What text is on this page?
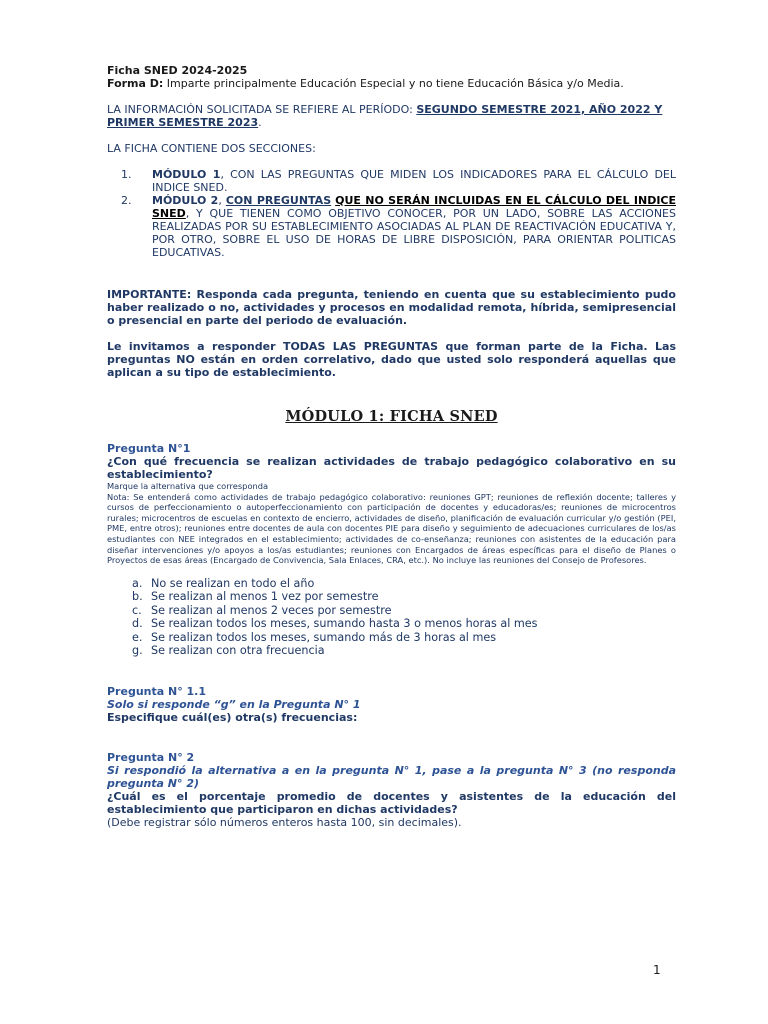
Ficha SNED 2024-2025

Forma D: Imparte principalmente Educación Especial y no tiene Educación Básica y/o Media.

LA INFORMACIÓN SOLICITADA SE REFIERE AL PERÍODO: SEGUNDO SEMESTRE 2021, AÑO 2022 Y PRIMER SEMESTRE 2023.

LA FICHA CONTIENE DOS SECCIONES:

1. MÓDULO 1, CON LAS PREGUNTAS QUE MIDEN LOS INDICADORES PARA EL CÁLCULO DEL INDICE SNED.
2. MÓDULO 2, CON PREGUNTAS QUE NO SERÁN INCLUIDAS EN EL CÁLCULO DEL INDICE SNED, Y QUE TIENEN COMO OBJETIVO CONOCER, POR UN LADO, SOBRE LAS ACCIONES REALIZADAS POR SU ESTABLECIMIENTO ASOCIADAS AL PLAN DE REACTIVACIÓN EDUCATIVA Y, POR OTRO, SOBRE EL USO DE HORAS DE LIBRE DISPOSICIÓN, PARA ORIENTAR POLITICAS EDUCATIVAS.

IMPORTANTE: Responda cada pregunta, teniendo en cuenta que su establecimiento pudo haber realizado o no, actividades y procesos en modalidad remota, híbrida, semipresencial o presencial en parte del periodo de evaluación.

Le invitamos a responder TODAS LAS PREGUNTAS que forman parte de la Ficha. Las preguntas NO están en orden correlativo, dado que usted solo responderá aquellas que aplican a su tipo de establecimiento.

MÓDULO 1: FICHA SNED

Pregunta N°1

¿Con qué frecuencia se realizan actividades de trabajo pedagógico colaborativo en su establecimiento?

Marque la alternativa que corresponda

Nota: Se entenderá como actividades de trabajo pedagógico colaborativo: reuniones GPT; reuniones de reflexión docente; talleres y cursos de perfeccionamiento o autoperfeccionamiento con participación de docentes y educadoras/es; reuniones de microcentros rurales; microcentros de escuelas en contexto de encierro, actividades de diseño, planificación de evaluación curricular y/o gestión (PEI, PME, entre otros); reuniones entre docentes de aula con docentes PIE para diseño y seguimiento de adecuaciones curriculares de los/as estudiantes con NEE integrados en el establecimiento; actividades de co-enseñanza; reuniones con asistentes de la educación para diseñar intervenciones y/o apoyos a los/as estudiantes; reuniones con Encargados de áreas específicas para el diseño de Planes o Proyectos de esas áreas (Encargado de Convivencia, Sala Enlaces, CRA, etc.). No incluye las reuniones del Consejo de Profesores.

a. No se realizan en todo el año
b. Se realizan al menos 1 vez por semestre
c. Se realizan al menos 2 veces por semestre
d. Se realizan todos los meses, sumando hasta 3 o menos horas al mes
e. Se realizan todos los meses, sumando más de 3 horas al mes
g. Se realizan con otra frecuencia

Pregunta N° 1.1

Solo si responde “g” en la Pregunta N° 1

Especifique cuál(es) otra(s) frecuencias:

Pregunta N° 2

Si respondió la alternativa a en la pregunta N° 1, pase a la pregunta N° 3 (no responda pregunta N° 2)

¿Cuál es el porcentaje promedio de docentes y asistentes de la educación del establecimiento que participaron en dichas actividades?

(Debe registrar sólo números enteros hasta 100, sin decimales).

1
